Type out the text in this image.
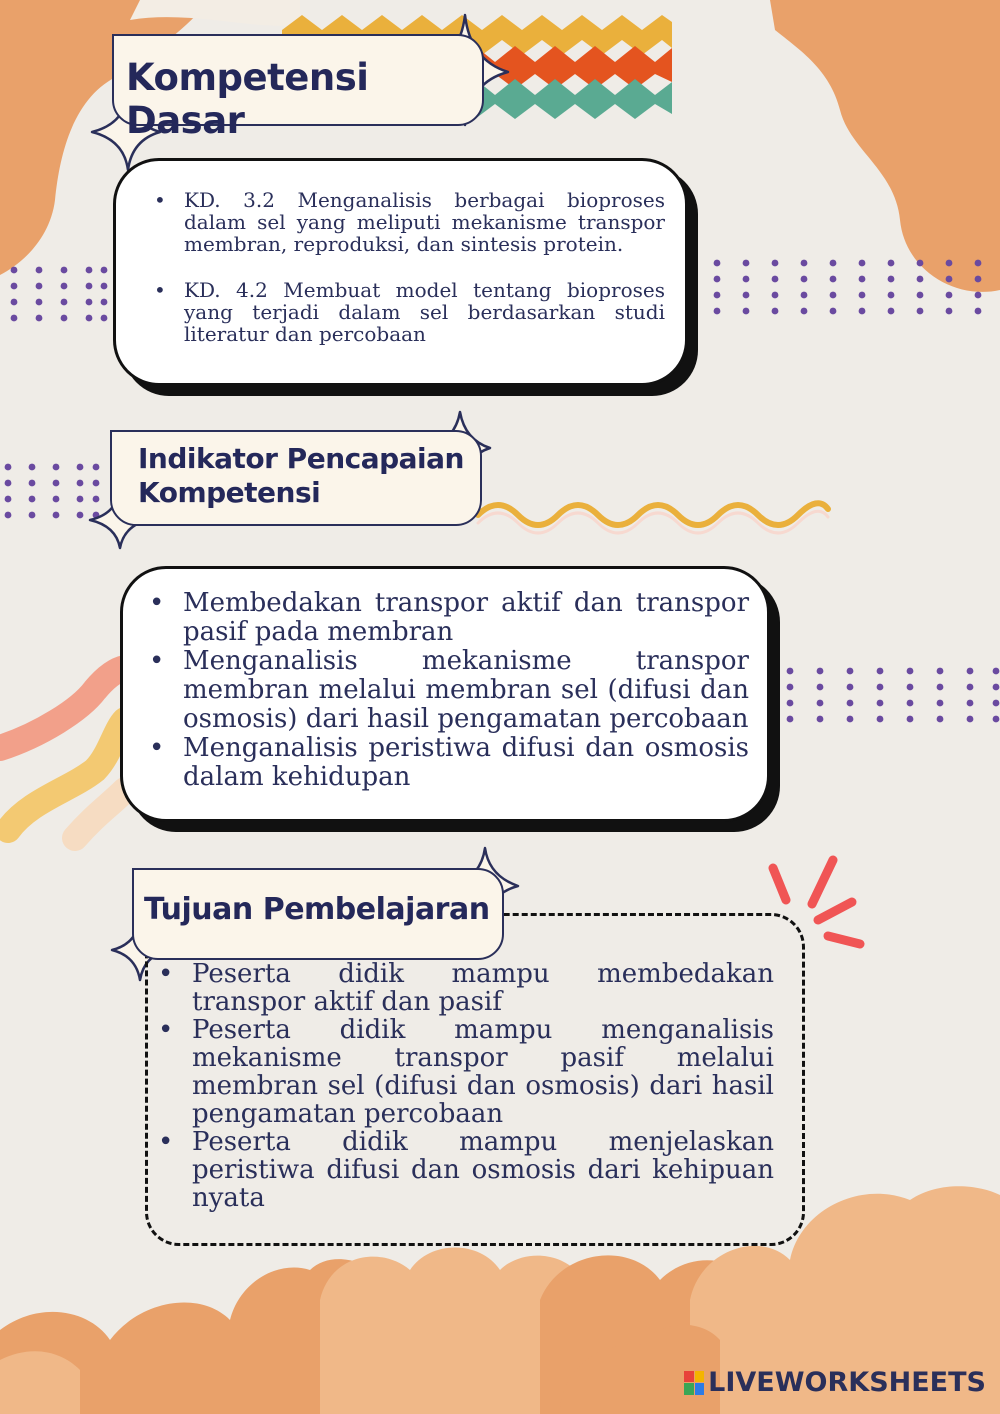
Kompetensi Dasar
• KD. 3.2 Menganalisis berbagai bioproses dalam sel yang meliputi mekanisme transpor membran, reproduksi, dan sintesis protein.
• KD. 4.2 Membuat model tentang bioproses yang terjadi dalam sel berdasarkan studi literatur dan percobaan
Indikator Pencapaian
Kompetensi
• Membedakan transpor aktif dan transpor pasif pada membran
• Menganalisis mekanisme transpor membran melalui membran sel (difusi dan osmosis) dari hasil pengamatan percobaan
• Menganalisis peristiwa difusi dan osmosis dalam kehidupan
Tujuan Pembelajaran
• Peserta didik mampu membedakan transpor aktif dan pasif
• Peserta didik mampu menganalisis mekanisme transpor pasif melalui membran sel (difusi dan osmosis) dari hasil pengamatan percobaan
• Peserta didik mampu menjelaskan peristiwa difusi dan osmosis dari kehipuan nyata
LIVEWORKSHEETS
